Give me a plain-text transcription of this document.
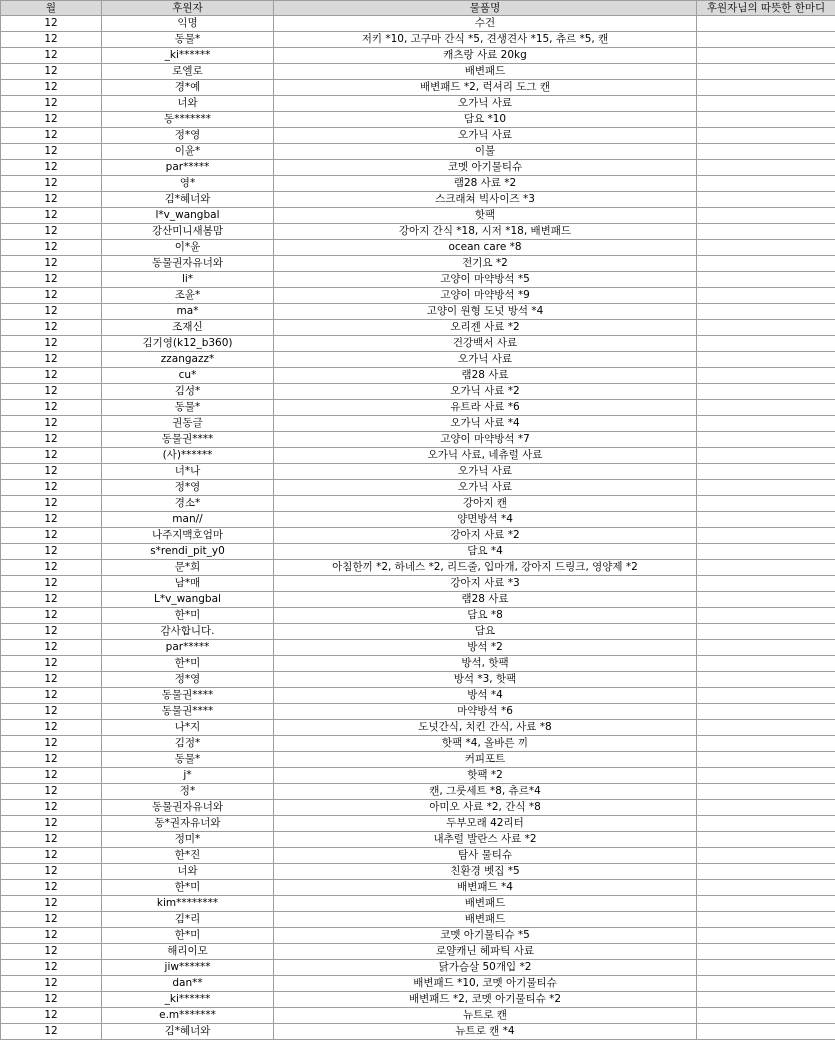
월	후원자	물품명	후원자님의 따뜻한 한마디
12	익명	수건	
12	동물*	저키 *10, 고구마 간식 *5, 견생견사 *15, 츄르 *5, 캔	
12	_ki******	캐츠랑 사료 20kg	
12	로엘로	배변패드	
12	경*예	배변패드 *2, 럭셔리 도그 캔	
12	너와	오가닉 사료	
12	동*******	담요 *10	
12	정*영	오가닉 사료	
12	이윤*	이불	
12	par*****	코멧 아기물티슈	
12	영*	램28 사료 *2	
12	김*혜너와	스크래쳐 빅사이즈 *3	
12	l*v_wangbal	핫팩	
12	강산미니새봄맘	강아지 간식 *18, 시저 *18, 배변패드	
12	이*윤	ocean care *8	
12	동물권자유너와	전기요 *2	
12	li*	고양이 마약방석 *5	
12	조윤*	고양이 마약방석 *9	
12	ma*	고양이 원형 도넛 방석 *4	
12	조재신	오리젠 사료 *2	
12	김기영(k12_b360)	건강백서 사료	
12	zzangazz*	오가닉 사료	
12	cu*	램28 사료	
12	김성*	오가닉 사료 *2	
12	동물*	유트라 사료 *6	
12	권동글	오가닉 사료 *4	
12	동물권****	고양이 마약방석 *7	
12	(사)******	오가닉 사료, 네츄럴 사료	
12	너*나	오가닉 사료	
12	정*영	오가닉 사료	
12	경소*	강아지 캔	
12	man//	양면방석 *4	
12	나주지맥호엄마	강아지 사료 *2	
12	s*rendi_pit_y0	담요 *4	
12	문*희	아침한끼 *2, 하네스 *2, 리드줄, 입마개, 강아지 드링크, 영양제 *2	
12	남*매	강아지 사료 *3	
12	L*v_wangbal	램28 사료	
12	한*미	담요 *8	
12	감사합니다.	담요	
12	par*****	방석 *2	
12	한*미	방석, 핫팩	
12	정*영	방석 *3, 핫팩	
12	동물권****	방석 *4	
12	동물권****	마약방석 *6	
12	나*지	도넛간식, 치킨 간식, 사료 *8	
12	김정*	핫팩 *4, 올바른 끼	
12	동물*	커피포트	
12	j*	핫팩 *2	
12	정*	캔, 그룻세트 *8, 츄르*4	
12	동물권자유너와	아미오 사료 *2, 간식 *8	
12	동*권자유너와	두부모래 42리터	
12	정미*	내추럴 발란스 사료 *2	
12	한*진	탐사 물티슈	
12	너와	친환경 벳집 *5	
12	한*미	배변패드 *4	
12	kim********	배변패드	
12	김*리	배변패드	
12	한*미	코멧 아기물티슈 *5	
12	해리이모	로얄캐닌 헤파틱 사료	
12	jiw******	닭가슴살 50개입 *2	
12	dan**	배변패드 *10, 코멧 아기물티슈	
12	_ki******	배변패드 *2, 코멧 아기물티슈 *2	
12	e.m*******	뉴트로 캔	
12	김*혜너와	뉴트로 캔 *4	
